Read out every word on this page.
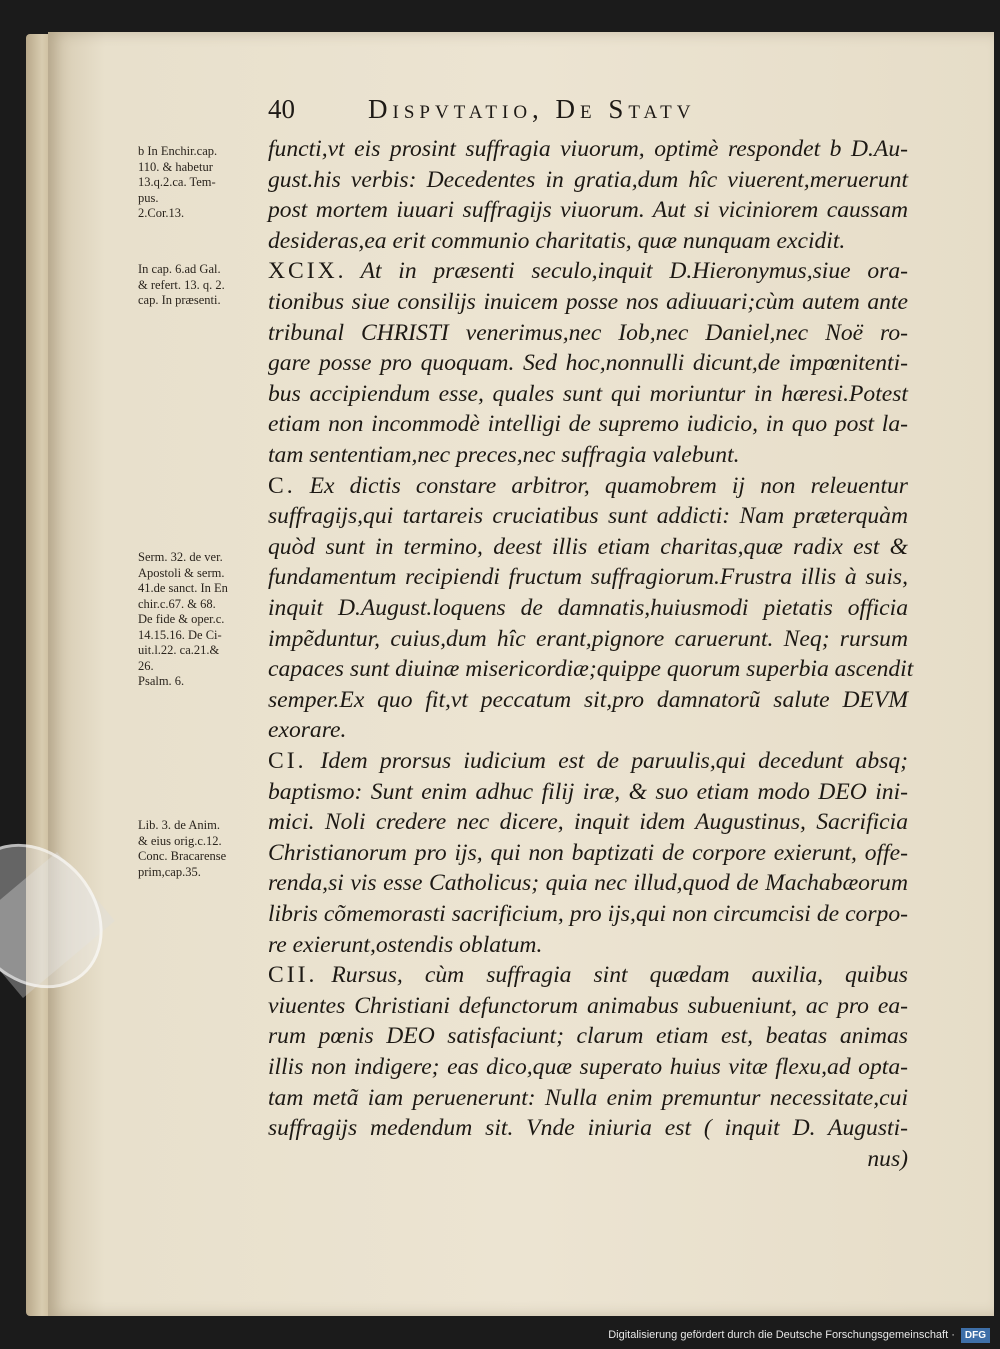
40	Dispvtatio, De Statv
b In Enchir.cap.
110. & habetur
13.q.2.ca. Tem-
pus.
2.Cor.13.
In cap. 6.ad Gal.
& refert. 13. q. 2.
cap. In præsenti.
Serm. 32. de ver.
Apostoli & serm.
41.de sanct. In En
chir.c.67. & 68.
De fide & oper.c.
14.15.16. De Ci-
uit.l.22. ca.21.&
26.
Psalm. 6.
Lib. 3. de Anim.
& eius orig.c.12.
Conc. Bracarense
prim,cap.35.
functi,vt eis prosint suffragia viuorum, optimè respondet b D.Au-
gust.his verbis: Decedentes in gratia,dum hîc viuerent,meruerunt
post mortem iuuari suffragijs viuorum. Aut si viciniorem caussam
desideras,ea erit communio charitatis, quæ nunquam excidit.
XCIX. At in præsenti seculo,inquit D.Hieronymus,siue ora-
tionibus siue consilijs inuicem posse nos adiuuari;cùm autem ante
tribunal CHRISTI venerimus,nec Iob,nec Daniel,nec Noë ro-
gare posse pro quoquam. Sed hoc,nonnulli dicunt,de impœnitenti-
bus accipiendum esse, quales sunt qui moriuntur in hæresi.Potest
etiam non incommodè intelligi de supremo iudicio, in quo post la-
tam sententiam,nec preces,nec suffragia valebunt.
C. Ex dictis constare arbitror, quamobrem ij non releuentur
suffragijs,qui tartareis cruciatibus sunt addicti: Nam præterquàm
quòd sunt in termino, deest illis etiam charitas,quæ radix est &
fundamentum recipiendi fructum suffragiorum.Frustra illis à suis,
inquit D.August.loquens de damnatis,huiusmodi pietatis officia
impẽduntur, cuius,dum hîc erant,pignore caruerunt. Neq; rursum
capaces sunt diuinæ misericordiæ;quippe quorum superbia ascendit
semper.Ex quo fit,vt peccatum sit,pro damnatorũ salute DEVM
exorare.
CI. Idem prorsus iudicium est de paruulis,qui decedunt absq;
baptismo: Sunt enim adhuc filij iræ, & suo etiam modo DEO ini-
mici. Noli credere nec dicere, inquit idem Augustinus, Sacrificia
Christianorum pro ijs, qui non baptizati de corpore exierunt, offe-
renda,si vis esse Catholicus; quia nec illud,quod de Machabæorum
libris cõmemorasti sacrificium, pro ijs,qui non circumcisi de corpo-
re exierunt,ostendis oblatum.
CII. Rursus, cùm suffragia sint quædam auxilia, quibus
viuentes Christiani defunctorum animabus subueniunt, ac pro ea-
rum pœnis DEO satisfaciunt; clarum etiam est, beatas animas
illis non indigere; eas dico,quæ superato huius vitæ flexu,ad opta-
tam metã iam peruenerunt: Nulla enim premuntur necessitate,cui
suffragijs medendum sit. Vnde iniuria est ( inquit D. Augusti-
nus)
Digitalisierung gefördert durch die Deutsche Forschungsgemeinschaft · DFG
